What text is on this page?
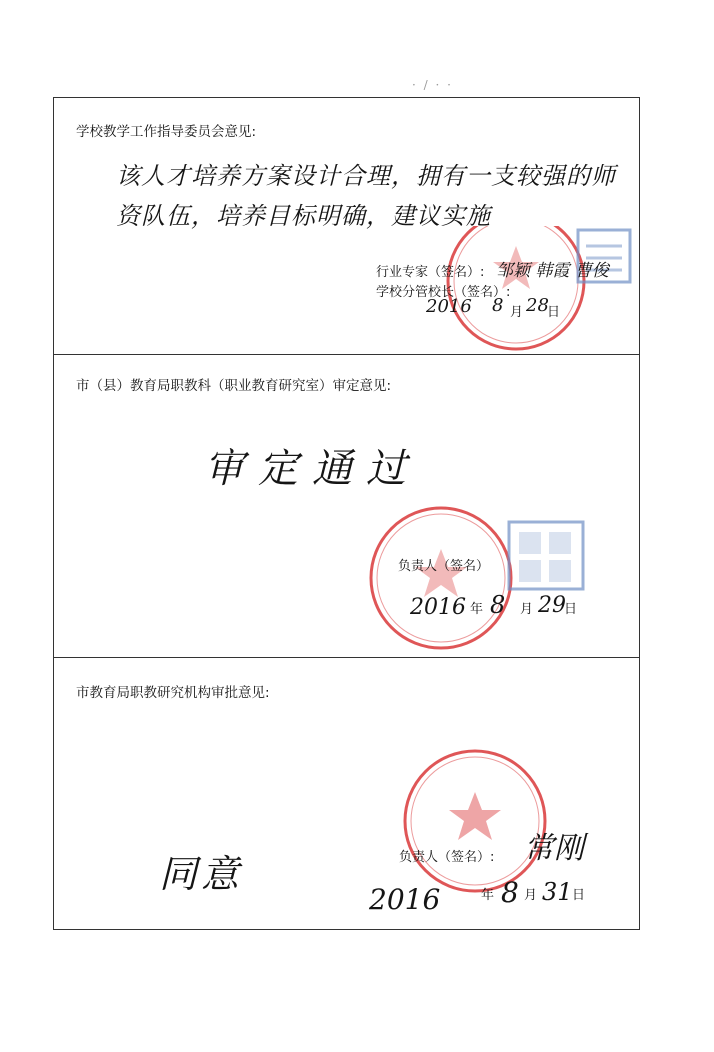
· / · ·
学校教学工作指导委员会意见:
该人才培养方案设计合理，拥有一支较强的师
资队伍，培养目标明确，建议实施
行业专家（签名）: 邹颖 韩霞 曹俊
学校分管校长（签名）:
2016 8 月 28
日
市（县）教育局职教科（职业教育研究室）审定意见:
审定通过
负责人（签名）
2016 年 8 月 29
日
市教育局职教研究机构审批意见:
同意	负责人（签名）: 常刚
2016	年 8 月 31 日
